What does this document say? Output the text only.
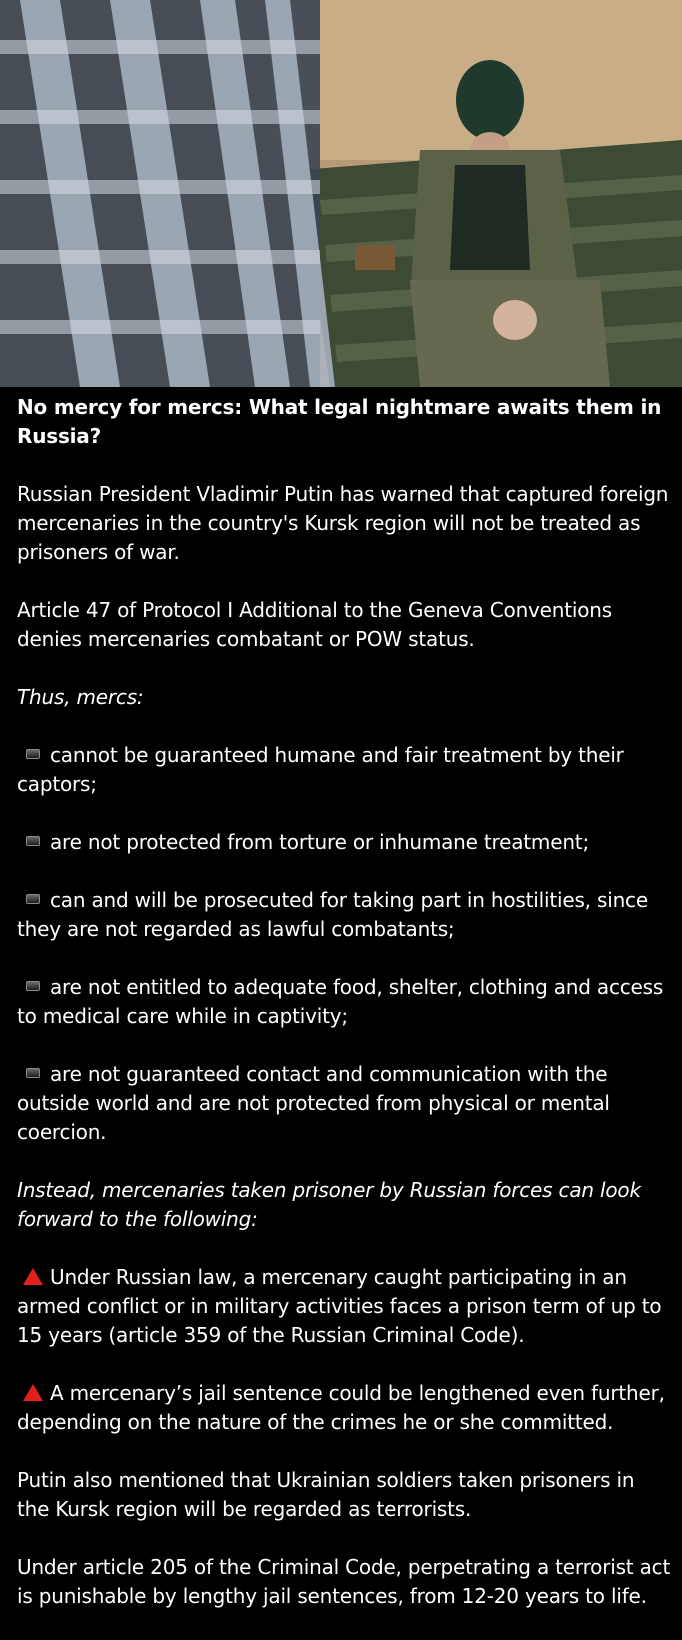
No mercy for mercs: What legal nightmare awaits them in Russia?

Russian President Vladimir Putin has warned that captured foreign mercenaries in the country's Kursk region will not be treated as prisoners of war.

Article 47 of Protocol I Additional to the Geneva Conventions denies mercenaries combatant or POW status.

Thus, mercs:

cannot be guaranteed humane and fair treatment by their captors;

are not protected from torture or inhumane treatment;

can and will be prosecuted for taking part in hostilities, since they are not regarded as lawful combatants;

are not entitled to adequate food, shelter, clothing and access to medical care while in captivity;

are not guaranteed contact and communication with the outside world and are not protected from physical or mental coercion.

Instead, mercenaries taken prisoner by Russian forces can look forward to the following:

Under Russian law, a mercenary caught participating in an armed conflict or in military activities faces a prison term of up to 15 years (article 359 of the Russian Criminal Code).

A mercenary’s jail sentence could be lengthened even further, depending on the nature of the crimes he or she committed.

Putin also mentioned that Ukrainian soldiers taken prisoners in the Kursk region will be regarded as terrorists.

Under article 205 of the Criminal Code, perpetrating a terrorist act is punishable by lengthy jail sentences, from 12-20 years to life.
